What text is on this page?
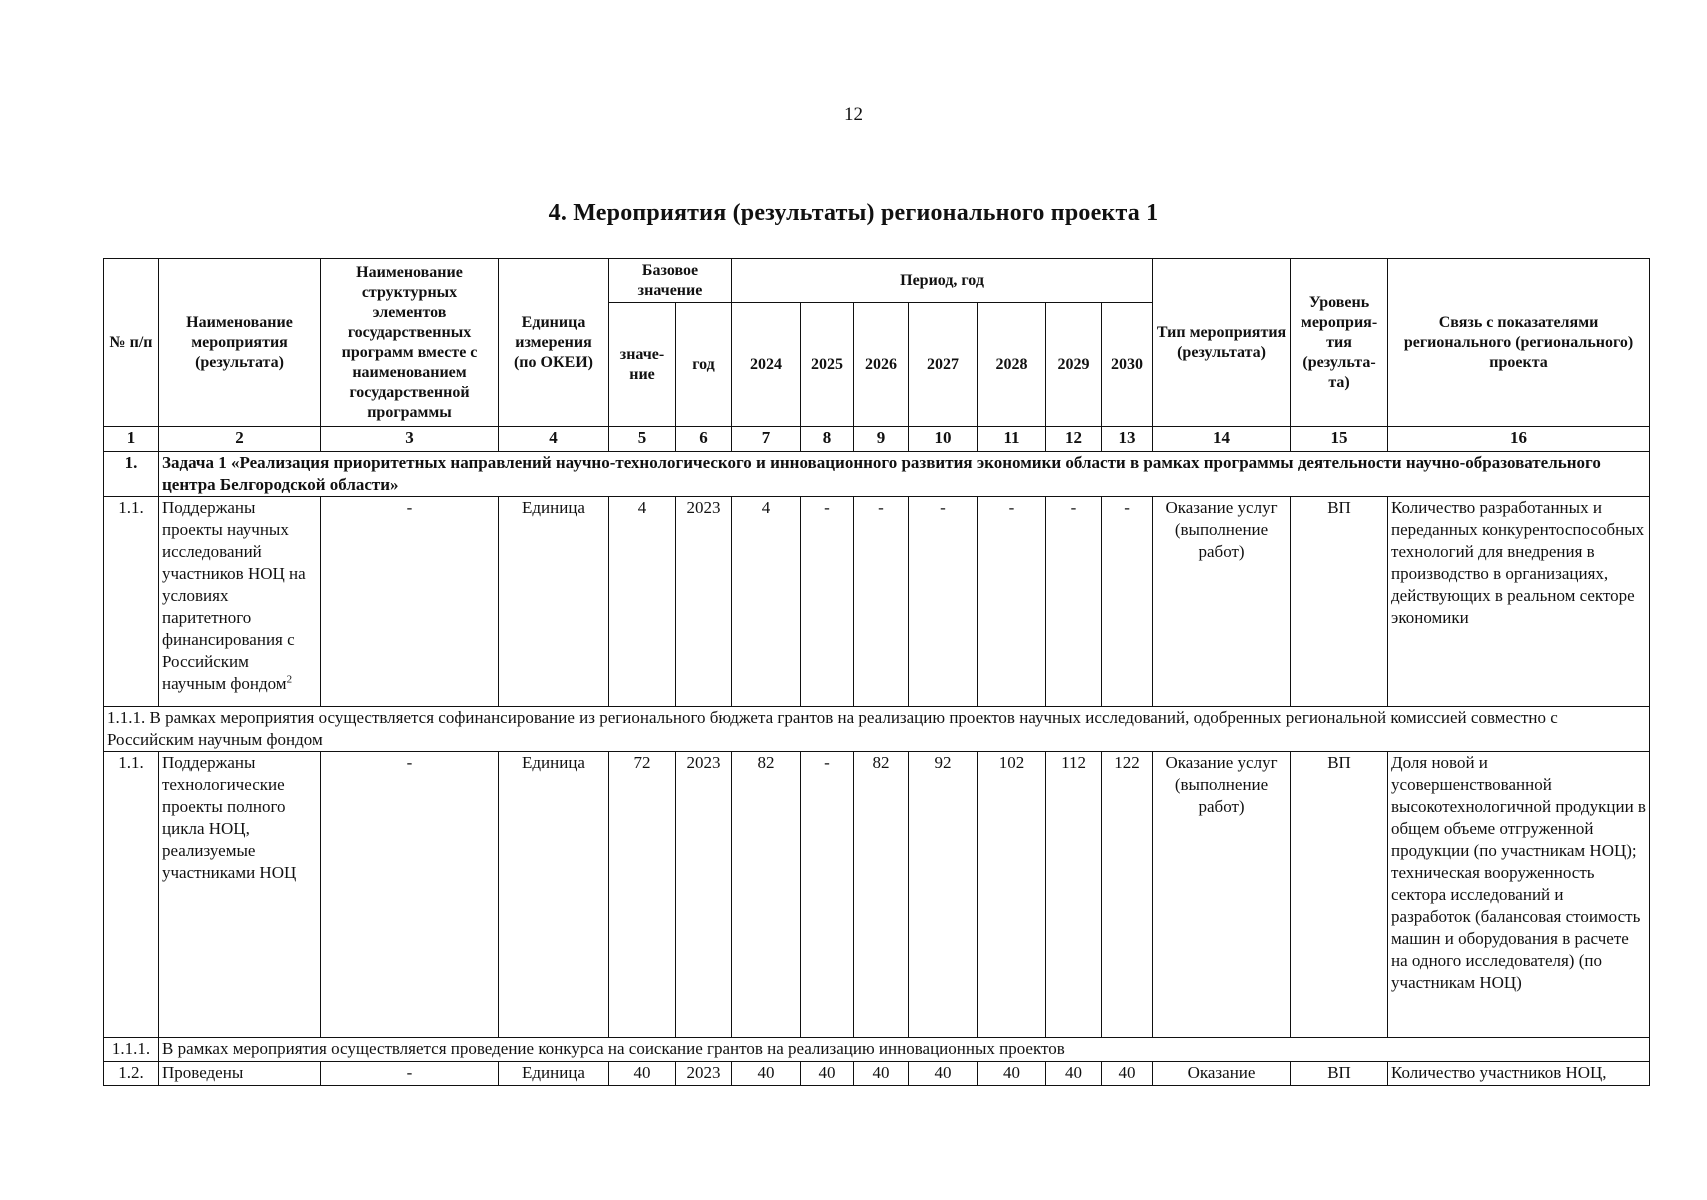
12
4. Мероприятия (результаты) регионального проекта 1
№ п/п	Наименование мероприятия (результата)	Наименование структурных элементов государственных программ вместе с наименованием государственной программы	Единица измерения (по ОКЕИ)	Базовое значение		Период, год							Тип мероприятия (результата)	Уровень мероприя-тия (результа-та)	Связь с показателями регионального (регионального) проекта
				значе-ние	год	2024	2025	2026	2027	2028	2029	2030			
1	2	3	4	5	6	7	8	9	10	11	12	13	14	15	16
1.	Задача 1 «Реализация приоритетных направлений научно-технологического и инновационного развития экономики области в рамках программы деятельности научно-образовательного центра Белгородской области»														
1.1.	Поддержаны проекты научных исследований участников НОЦ на условиях паритетного финансирования с Российским научным фондом$^2$	-	Единица	4	2023	4	-	-	-	-	-	-	Оказание услуг (выполнение работ)	ВП	Количество разработанных и переданных конкурентоспособных технологий для внедрения в производство в организациях, действующих в реальном секторе экономики
1.1.1. В рамках мероприятия осуществляется софинансирование из регионального бюджета грантов на реализацию проектов научных исследований, одобренных региональной комиссией совместно с Российским научным фондом															
1.1.	Поддержаны технологические проекты полного цикла НОЦ, реализуемые участниками НОЦ	-	Единица	72	2023	82	-	82	92	102	112	122	Оказание услуг (выполнение работ)	ВП	Доля новой и усовершенствованной высокотехнологичной продукции в общем объеме отгруженной продукции (по участникам НОЦ); техническая вооруженность сектора исследований и разработок (балансовая стоимость машин и оборудования в расчете на одного исследователя) (по участникам НОЦ)
1.1.1.	В рамках мероприятия осуществляется проведение конкурса на соискание грантов на реализацию инновационных проектов														
1.2.	Проведены	-	Единица	40	2023	40	40	40	40	40	40	40	Оказание	ВП	Количество участников НОЦ,
